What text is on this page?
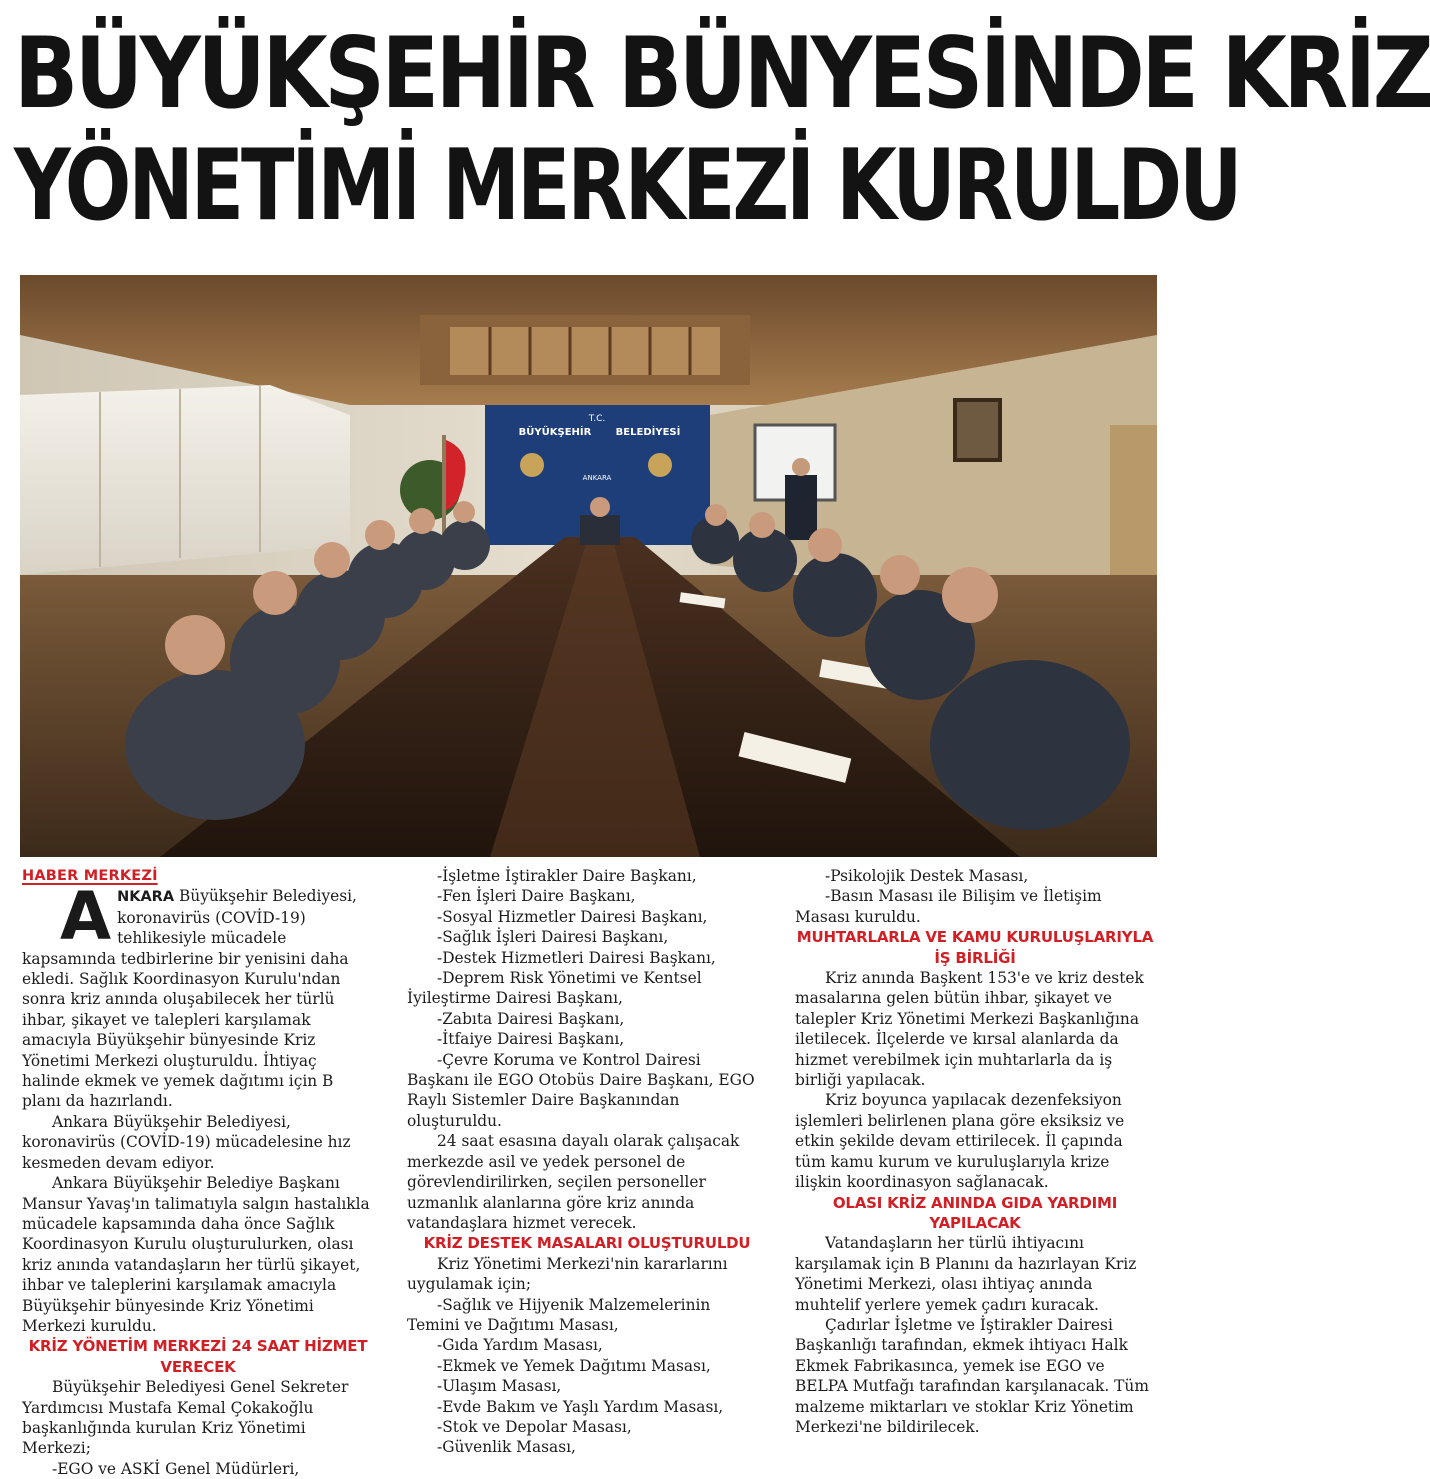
BÜYÜKŞEHİR BÜNYESİNDE KRİZ
YÖNETİMİ MERKEZİ KURULDU
T.C.
BÜYÜKŞEHİR BELEDİYESİ
ANKARA

HABER MERKEZİ

A NKARA Büyükşehir Belediyesi, koronavirüs (COVİD-19) tehlikesiyle mücadele kapsamında tedbirlerine bir yenisini daha ekledi. Sağlık Koordinasyon Kurulu'ndan sonra kriz anında oluşabilecek her türlü ihbar, şikayet ve talepleri karşılamak amacıyla Büyükşehir bünyesinde Kriz Yönetimi Merkezi oluşturuldu. İhtiyaç halinde ekmek ve yemek dağıtımı için B planı da hazırlandı.

Ankara Büyükşehir Belediyesi, koronavirüs (COVİD-19) mücadelesine hız kesmeden devam ediyor.

Ankara Büyükşehir Belediye Başkanı Mansur Yavaş'ın talimatıyla salgın hastalıkla mücadele kapsamında daha önce Sağlık Koordinasyon Kurulu oluşturulurken, olası kriz anında vatandaşların her türlü şikayet, ihbar ve taleplerini karşılamak amacıyla Büyükşehir bünyesinde Kriz Yönetimi Merkezi kuruldu.

KRİZ YÖNETİM MERKEZİ 24 SAAT HİZMET VERECEK

Büyükşehir Belediyesi Genel Sekreter Yardımcısı Mustafa Kemal Çokakoğlu başkanlığında kurulan Kriz Yönetimi Merkezi;

-EGO ve ASKİ Genel Müdürleri,

-İşletme İştirakler Daire Başkanı,

-Fen İşleri Daire Başkanı,

-Sosyal Hizmetler Dairesi Başkanı,

-Sağlık İşleri Dairesi Başkanı,

-Destek Hizmetleri Dairesi Başkanı,

-Deprem Risk Yönetimi ve Kentsel İyileştirme Dairesi Başkanı,

-Zabıta Dairesi Başkanı,

-İtfaiye Dairesi Başkanı,

-Çevre Koruma ve Kontrol Dairesi Başkanı ile EGO Otobüs Daire Başkanı, EGO Raylı Sistemler Daire Başkanından oluşturuldu.

24 saat esasına dayalı olarak çalışacak merkezde asil ve yedek personel de görevlendirilirken, seçilen personeller uzmanlık alanlarına göre kriz anında vatandaşlara hizmet verecek.

KRİZ DESTEK MASALARI OLUŞTURULDU

Kriz Yönetimi Merkezi'nin kararlarını uygulamak için;

-Sağlık ve Hijyenik Malzemelerinin Temini ve Dağıtımı Masası,

-Gıda Yardım Masası,

-Ekmek ve Yemek Dağıtımı Masası,

-Ulaşım Masası,

-Evde Bakım ve Yaşlı Yardım Masası,

-Stok ve Depolar Masası,

-Güvenlik Masası,

-Psikolojik Destek Masası,

-Basın Masası ile Bilişim ve İletişim Masası kuruldu.

MUHTARLARLA VE KAMU KURULUŞLARIYLA İŞ BİRLİĞİ

Kriz anında Başkent 153'e ve kriz destek masalarına gelen bütün ihbar, şikayet ve talepler Kriz Yönetimi Merkezi Başkanlığına iletilecek. İlçelerde ve kırsal alanlarda da hizmet verebilmek için muhtarlarla da iş birliği yapılacak.

Kriz boyunca yapılacak dezenfeksiyon işlemleri belirlenen plana göre eksiksiz ve etkin şekilde devam ettirilecek. İl çapında tüm kamu kurum ve kuruluşlarıyla krize ilişkin koordinasyon sağlanacak.

OLASI KRİZ ANINDA GIDA YARDIMI YAPILACAK

Vatandaşların her türlü ihtiyacını karşılamak için B Planını da hazırlayan Kriz Yönetimi Merkezi, olası ihtiyaç anında muhtelif yerlere yemek çadırı kuracak.

Çadırlar İşletme ve İştirakler Dairesi Başkanlığı tarafından, ekmek ihtiyacı Halk Ekmek Fabrikasınca, yemek ise EGO ve BELPA Mutfağı tarafından karşılanacak. Tüm malzeme miktarları ve stoklar Kriz Yönetim Merkezi'ne bildirilecek.
